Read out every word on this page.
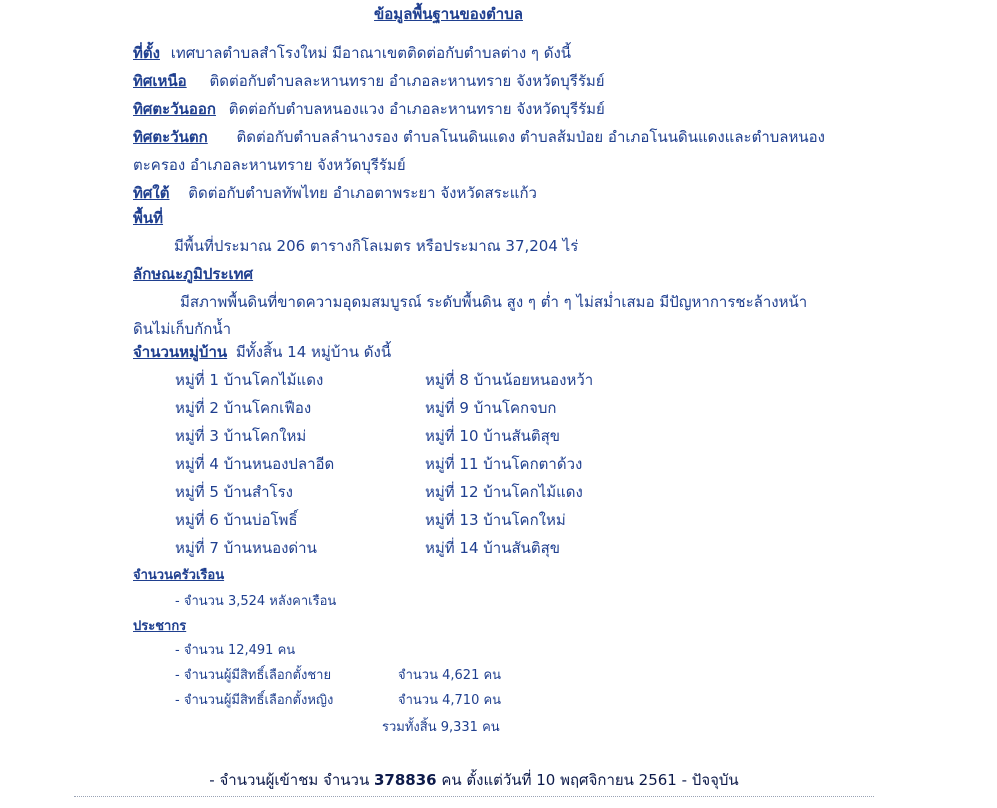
ข้อมูลพื้นฐานของตำบล
ที่ตั้ง เทศบาลตำบลสำโรงใหม่ มีอาณาเขตติดต่อกับตำบลต่าง ๆ ดังนี้
ทิศเหนือ ติดต่อกับตำบลละหานทราย อำเภอละหานทราย จังหวัดบุรีรัมย์
ทิศตะวันออก ติดต่อกับตำบลหนองแวง อำเภอละหานทราย จังหวัดบุรีรัมย์
ทิศตะวันตก ติดต่อกับตำบลลำนางรอง ตำบลโนนดินแดง ตำบลส้มป่อย อำเภอโนนดินแดงและตำบลหนอง
ตะครอง อำเภอละหานทราย จังหวัดบุรีรัมย์
ทิศใต้ ติดต่อกับตำบลทัพไทย อำเภอตาพระยา จังหวัดสระแก้ว
พื้นที่
มีพื้นที่ประมาณ 206 ตารางกิโลเมตร หรือประมาณ 37,204 ไร่
ลักษณะภูมิประเทศ
มีสภาพพื้นดินที่ขาดความอุดมสมบูรณ์ ระดับพื้นดิน สูง ๆ ต่ำ ๆ ไม่สม่ำเสมอ มีปัญหาการชะล้างหน้า
ดินไม่เก็บกักน้ำ
จำนวนหมู่บ้าน มีทั้งสิ้น 14 หมู่บ้าน ดังนี้
หมู่ที่ 1 บ้านโคกไม้แดง
หมู่ที่ 2 บ้านโคกเฟือง
หมู่ที่ 3 บ้านโคกใหม่
หมู่ที่ 4 บ้านหนองปลาอีด
หมู่ที่ 5 บ้านสำโรง
หมู่ที่ 6 บ้านบ่อโพธิ์
หมู่ที่ 7 บ้านหนองด่าน
หมู่ที่ 8 บ้านน้อยหนองหว้า
หมู่ที่ 9 บ้านโคกจบก
หมู่ที่ 10 บ้านสันติสุข
หมู่ที่ 11 บ้านโคกตาด้วง
หมู่ที่ 12 บ้านโคกไม้แดง
หมู่ที่ 13 บ้านโคกใหม่
หมู่ที่ 14 บ้านสันติสุข
จำนวนครัวเรือน
- จำนวน 3,524 หลังคาเรือน
ประชากร
- จำนวน 12,491 คน
- จำนวนผู้มีสิทธิ์เลือกตั้งชาย	จำนวน 4,621 คน
- จำนวนผู้มีสิทธิ์เลือกตั้งหญิง	จำนวน 4,710 คน
รวมทั้งสิ้น 9,331 คน
- จำนวนผู้เข้าชม จำนวน 378836 คน ตั้งแต่วันที่ 10 พฤศจิกายน 2561 - ปัจจุบัน
